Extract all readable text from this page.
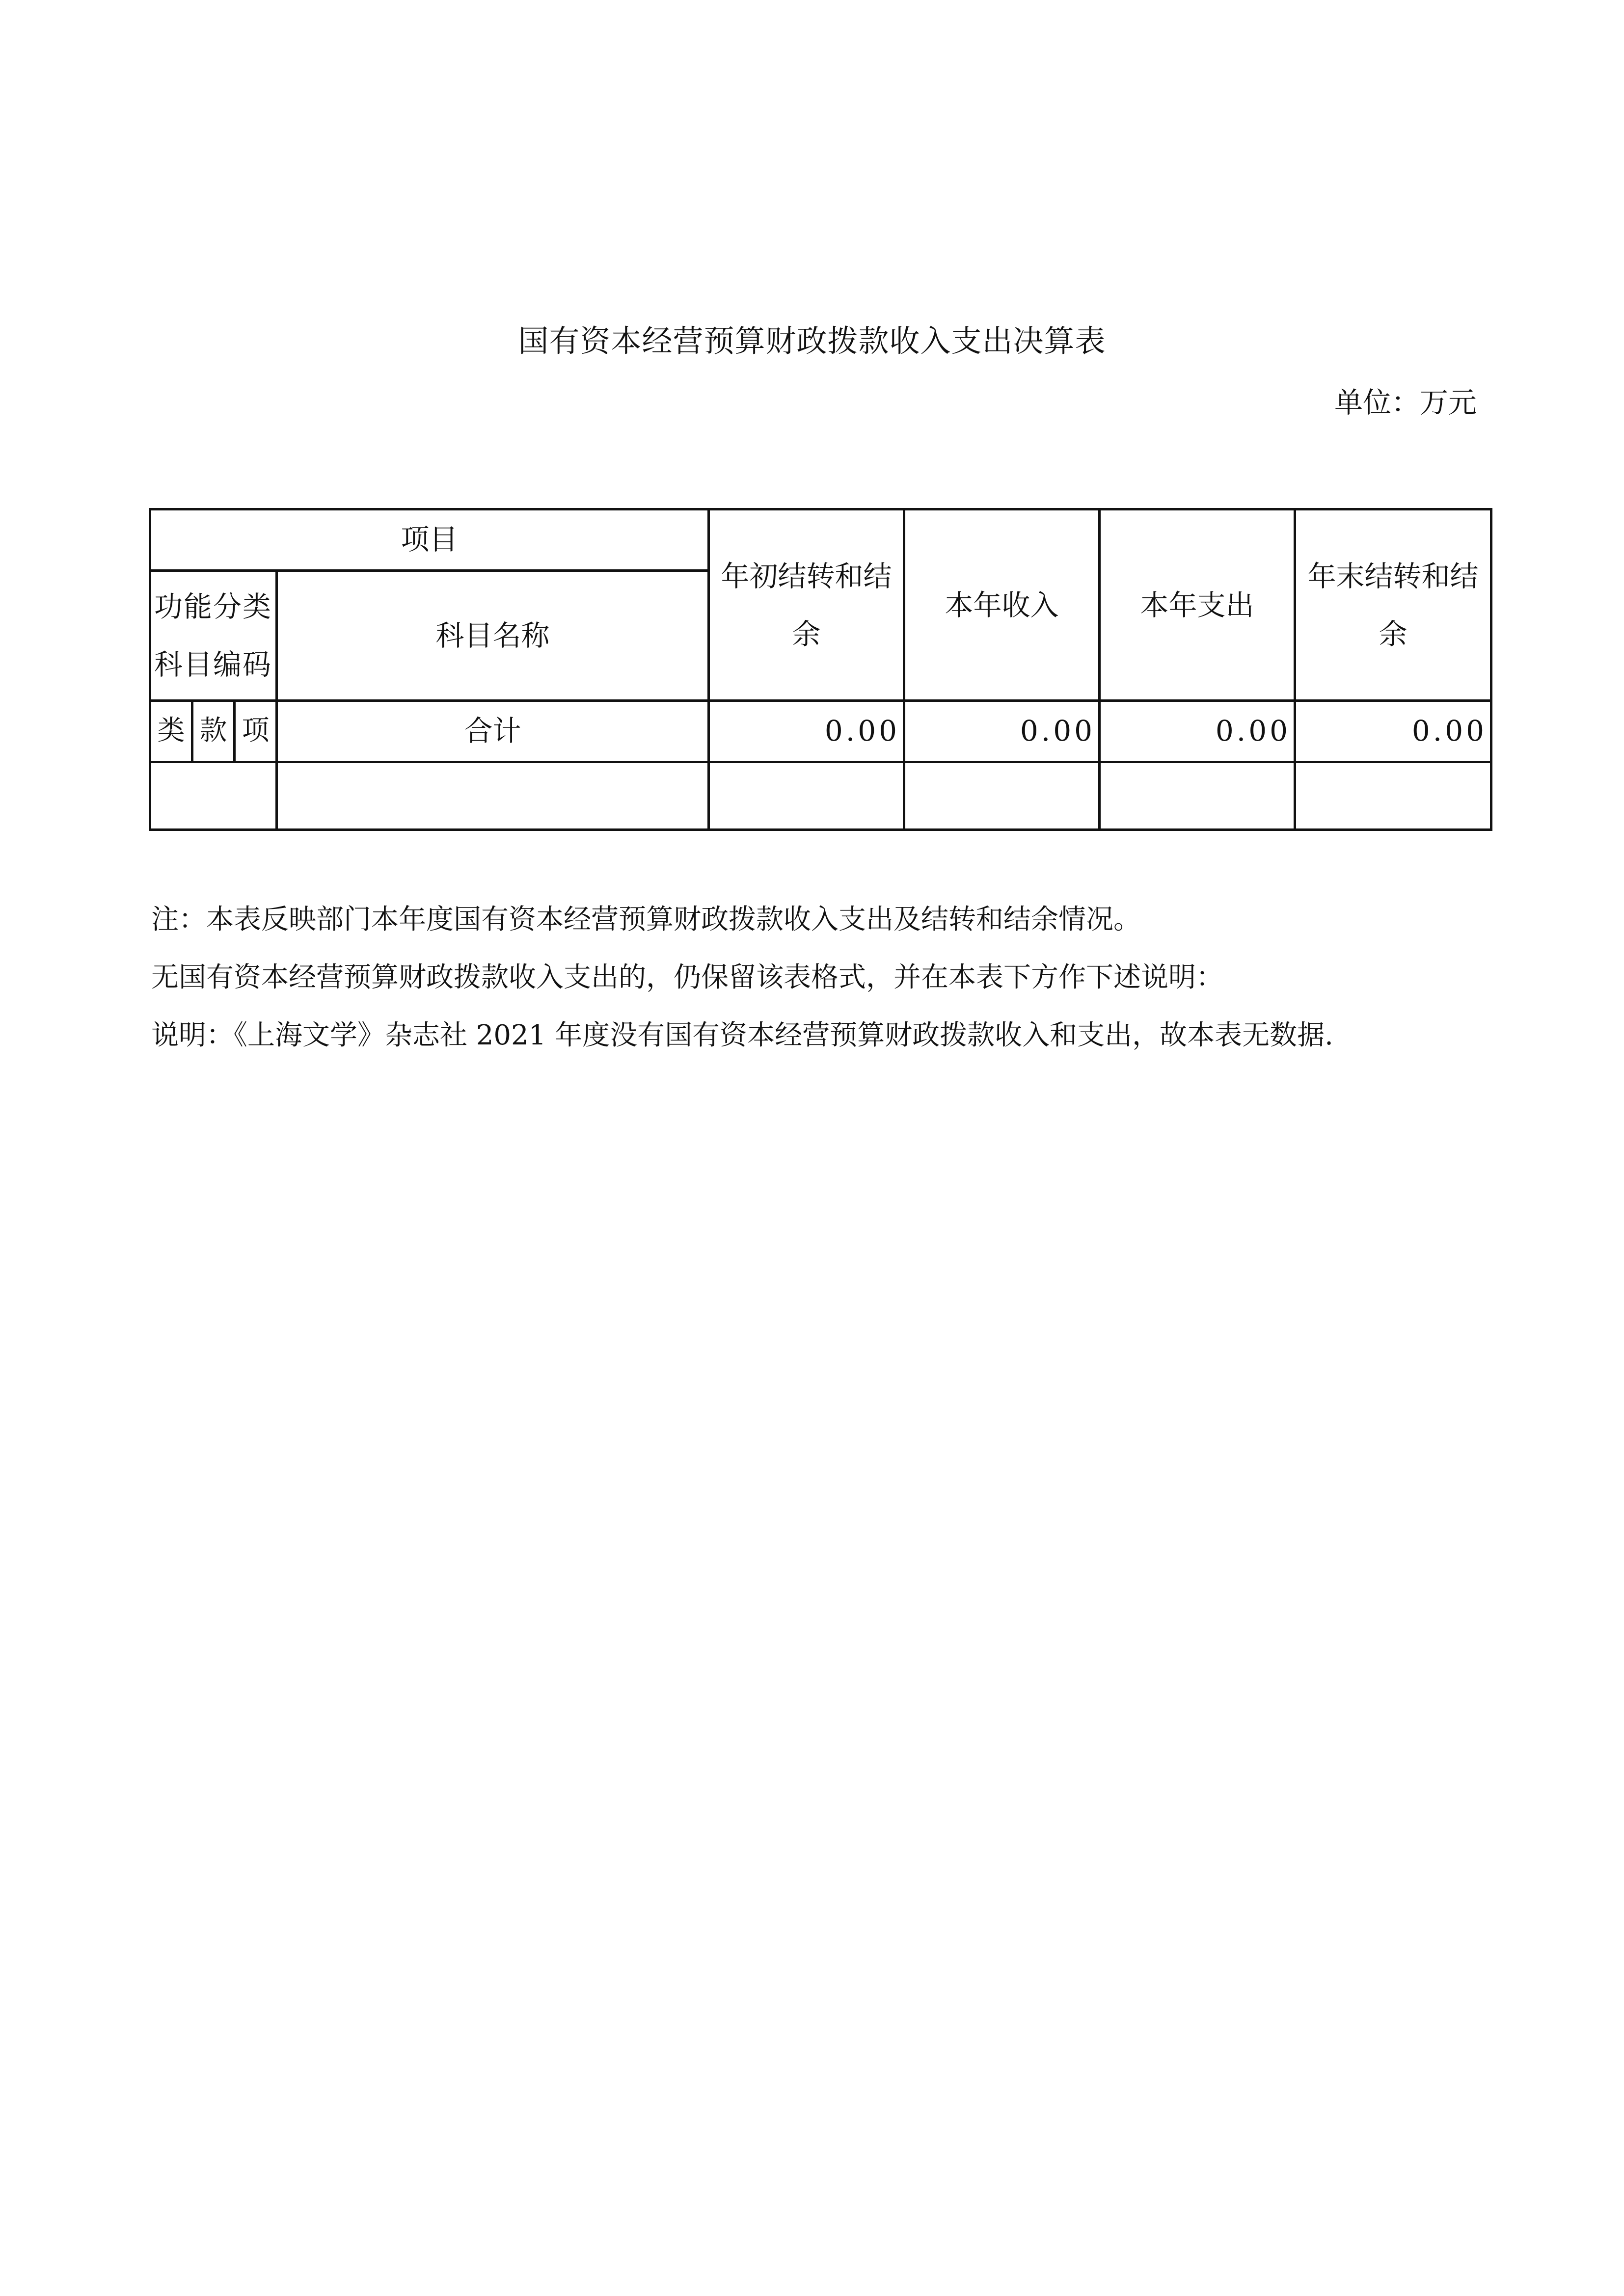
国有资本经营预算财政拨款收入支出决算表
单位：万元
项目				年初结转和结余	本年收入	本年支出	年末结转和结余
功能分类科目编码			科目名称				
类	款	项	合计	0.00	0.00	0.00	0.00

注：本表反映部门本年度国有资本经营预算财政拨款收入支出及结转和结余情况。
无国有资本经营预算财政拨款收入支出的，仍保留该表格式，并在本表下方作下述说明：
说明：《上海文学》杂志社 2021 年度没有国有资本经营预算财政拨款收入和支出，故本表无数据.
